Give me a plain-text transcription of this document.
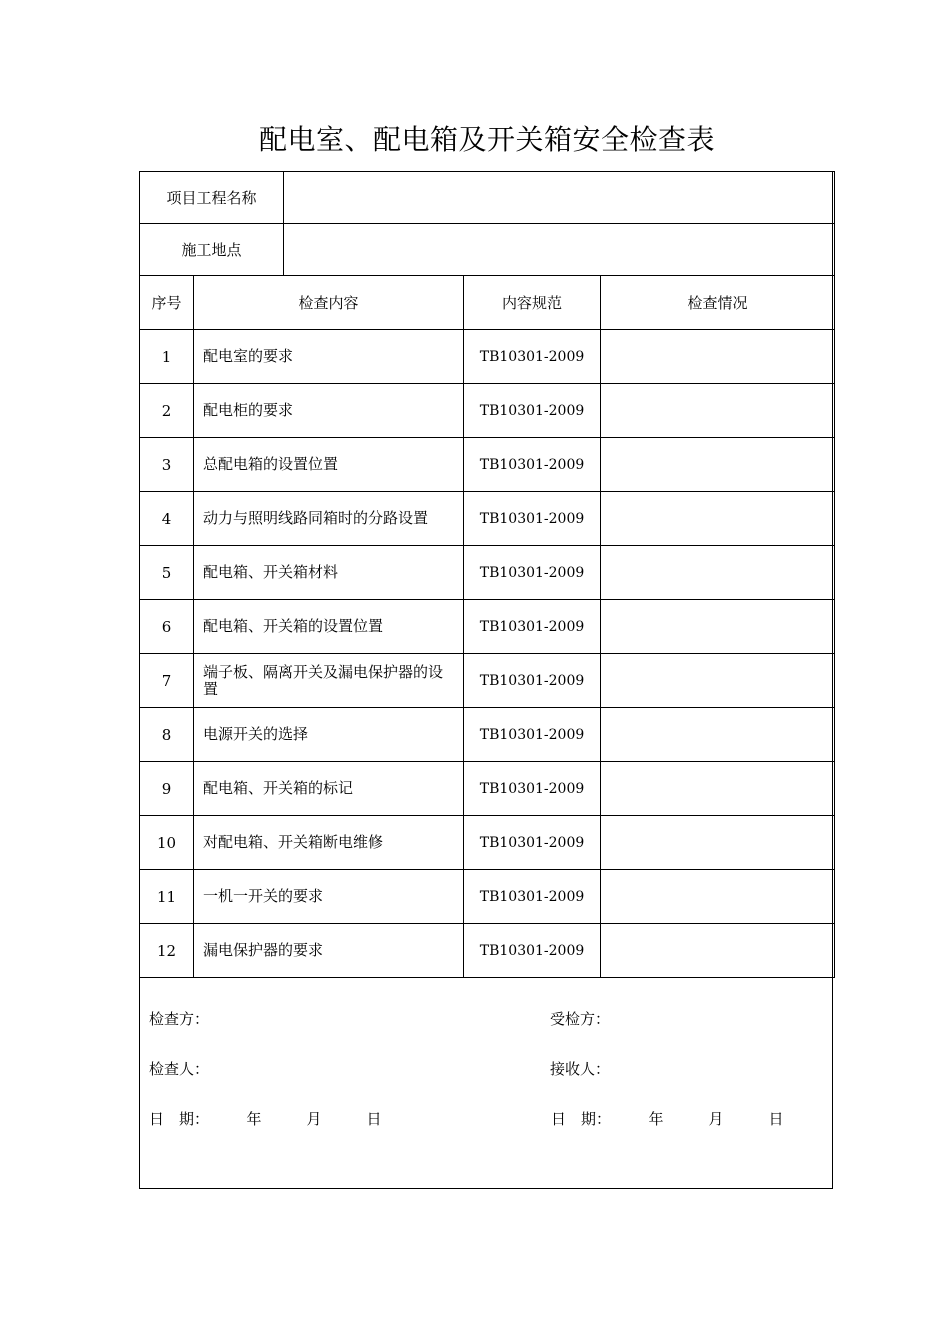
配电室、配电箱及开关箱安全检查表
项目工程名称				
施工地点				
序号	检查内容		内容规范	检查情况
1	配电室的要求		TB10301-2009	
2	配电柜的要求		TB10301-2009	
3	总配电箱的设置位置		TB10301-2009	
4	动力与照明线路同箱时的分路设置		TB10301-2009	
5	配电箱、开关箱材料		TB10301-2009	
6	配电箱、开关箱的设置位置		TB10301-2009	
7	端子板、隔离开关及漏电保护器的设置		TB10301-2009	
8	电源开关的选择		TB10301-2009	
9	配电箱、开关箱的标记		TB10301-2009	
10	对配电箱、开关箱断电维修		TB10301-2009	
11	一机一开关的要求		TB10301-2009	
12	漏电保护器的要求		TB10301-2009	
检查方：	受检方：
检查人：	接收人：
日　期：　　　年　　　月　　　日	日　期：　　　年　　　月　　　日
